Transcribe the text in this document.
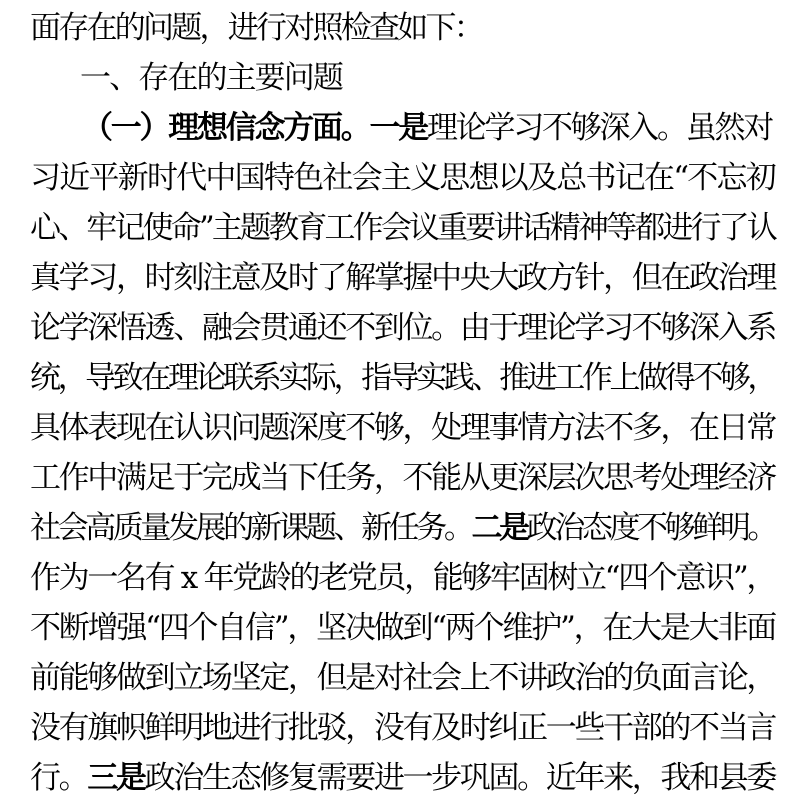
面存在的问题，进行对照检查如下：
一、存在的主要问题
（一）理想信念方面。一是理论学习不够深入。虽然对
习近平新时代中国特色社会主义思想以及总书记在“不忘初
心、牢记使命”主题教育工作会议重要讲话精神等都进行了认
真学习，时刻注意及时了解掌握中央大政方针，但在政治理
论学深悟透、融会贯通还不到位。由于理论学习不够深入系
统，导致在理论联系实际，指导实践、推进工作上做得不够，
具体表现在认识问题深度不够，处理事情方法不多，在日常
工作中满足于完成当下任务，不能从更深层次思考处理经济
社会高质量发展的新课题、新任务。二是政治态度不够鲜明。
作为一名有 x 年党龄的老党员，能够牢固树立“四个意识”，
不断增强“四个自信”，坚决做到“两个维护”，在大是大非面
前能够做到立场坚定，但是对社会上不讲政治的负面言论，
没有旗帜鲜明地进行批驳，没有及时纠正一些干部的不当言
行。三是政治生态修复需要进一步巩固。近年来，我和县委
